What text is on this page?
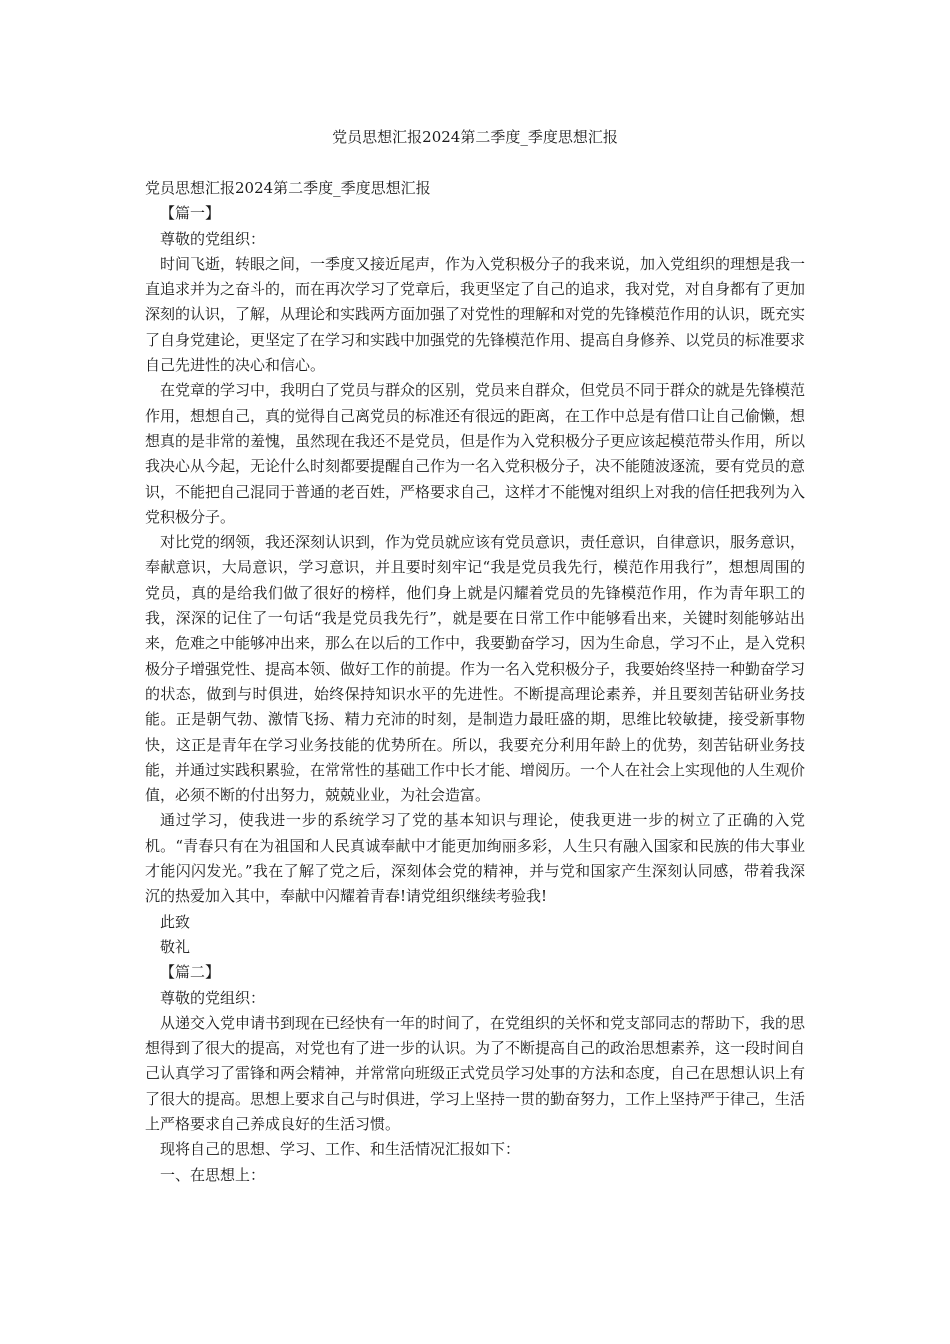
党员思想汇报2024第二季度_季度思想汇报

党员思想汇报2024第二季度_季度思想汇报

【篇一】

尊敬的党组织：

时间飞逝，转眼之间，一季度又接近尾声，作为入党积极分子的我来说，加入党组织的理想是我一直追求并为之奋斗的，而在再次学习了党章后，我更坚定了自己的追求，我对党，对自身都有了更加深刻的认识，了解，从理论和实践两方面加强了对党性的理解和对党的先锋模范作用的认识，既充实了自身党建论，更坚定了在学习和实践中加强党的先锋模范作用、提高自身修养、以党员的标准要求自己先进性的决心和信心。

在党章的学习中，我明白了党员与群众的区别，党员来自群众，但党员不同于群众的就是先锋模范作用，想想自己，真的觉得自己离党员的标准还有很远的距离，在工作中总是有借口让自己偷懒，想想真的是非常的羞愧，虽然现在我还不是党员，但是作为入党积极分子更应该起模范带头作用，所以我决心从今起，无论什么时刻都要提醒自己作为一名入党积极分子，决不能随波逐流，要有党员的意识，不能把自己混同于普通的老百姓，严格要求自己，这样才不能愧对组织上对我的信任把我列为入党积极分子。

对比党的纲领，我还深刻认识到，作为党员就应该有党员意识，责任意识，自律意识，服务意识，奉献意识，大局意识，学习意识，并且要时刻牢记“我是党员我先行，模范作用我行”，想想周围的党员，真的是给我们做了很好的榜样，他们身上就是闪耀着党员的先锋模范作用，作为青年职工的我，深深的记住了一句话“我是党员我先行”，就是要在日常工作中能够看出来，关键时刻能够站出来，危难之中能够冲出来，那么在以后的工作中，我要勤奋学习，因为生命息，学习不止，是入党积极分子增强党性、提高本领、做好工作的前提。作为一名入党积极分子，我要始终坚持一种勤奋学习的状态，做到与时俱进，始终保持知识水平的先进性。不断提高理论素养，并且要刻苦钻研业务技能。正是朝气勃、激情飞扬、精力充沛的时刻，是制造力最旺盛的期，思维比较敏捷，接受新事物快，这正是青年在学习业务技能的优势所在。所以，我要充分利用年龄上的优势，刻苦钻研业务技能，并通过实践积累验，在常常性的基础工作中长才能、增阅历。一个人在社会上实现他的人生观价值，必须不断的付出努力，兢兢业业，为社会造富。

通过学习，使我进一步的系统学习了党的基本知识与理论，使我更进一步的树立了正确的入党机。“青春只有在为祖国和人民真诚奉献中才能更加绚丽多彩，人生只有融入国家和民族的伟大事业才能闪闪发光。”我在了解了党之后，深刻体会党的精神，并与党和国家产生深刻认同感，带着我深沉的热爱加入其中，奉献中闪耀着青春!请党组织继续考验我!

此致

敬礼

【篇二】

尊敬的党组织：

从递交入党申请书到现在已经快有一年的时间了，在党组织的关怀和党支部同志的帮助下，我的思想得到了很大的提高，对党也有了进一步的认识。为了不断提高自己的政治思想素养，这一段时间自己认真学习了雷锋和两会精神，并常常向班级正式党员学习处事的方法和态度，自己在思想认识上有了很大的提高。思想上要求自己与时俱进，学习上坚持一贯的勤奋努力，工作上坚持严于律己，生活上严格要求自己养成良好的生活习惯。

现将自己的思想、学习、工作、和生活情况汇报如下：

一、在思想上：
